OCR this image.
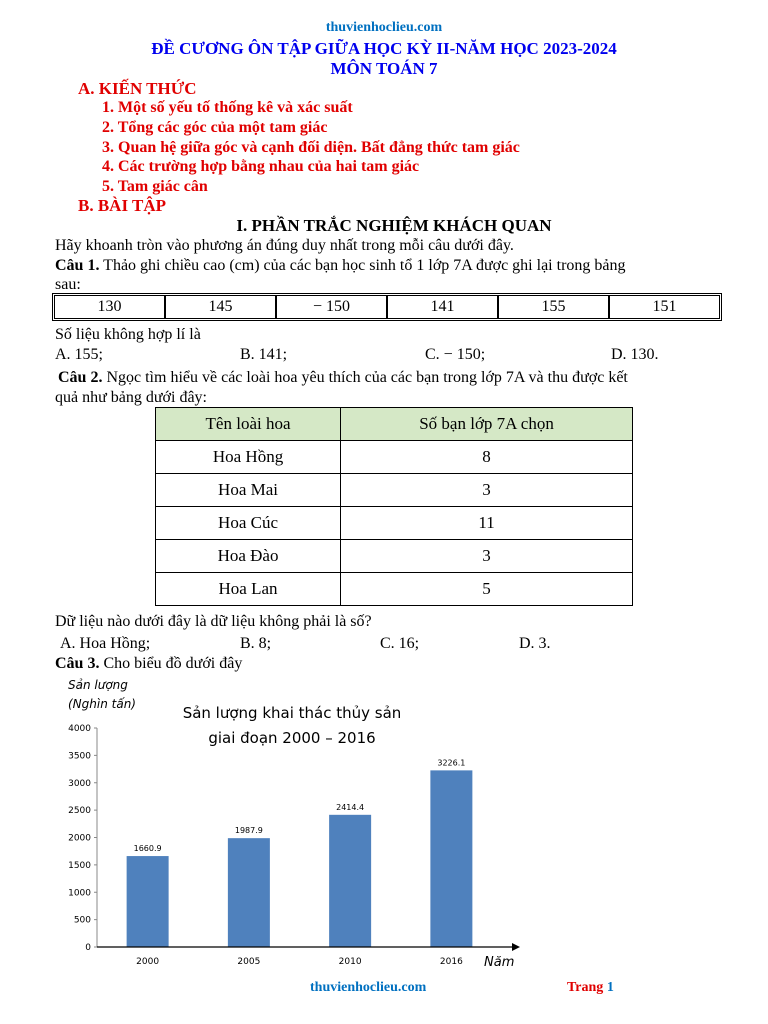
thuvienhoclieu.com
ĐỀ CƯƠNG ÔN TẬP GIỮA HỌC KỲ II-NĂM HỌC 2023-2024
MÔN TOÁN 7
A. KIẾN THỨC
1. Một số yếu tố thống kê và xác suất
2. Tổng các góc của một tam giác
3. Quan hệ giữa góc và cạnh đối diện. Bất đẳng thức tam giác
4. Các trường hợp bằng nhau của hai tam giác
5. Tam giác cân
B. BÀI TẬP
I. PHẦN TRẮC NGHIỆM KHÁCH QUAN
Hãy khoanh tròn vào phương án đúng duy nhất trong mỗi câu dưới đây.
Câu 1. Thảo ghi chiều cao (cm) của các bạn học sinh tổ 1 lớp 7A được ghi lại trong bảng
sau:
130	145	− 150	141	155	151
Số liệu không hợp lí là
A. 155;	B. 141;	C. − 150;	D. 130.
Câu 2. Ngọc tìm hiểu về các loài hoa yêu thích của các bạn trong lớp 7A và thu được kết
quả như bảng dưới đây:
Tên loài hoa	Số bạn lớp 7A chọn
Hoa Hồng	8
Hoa Mai	3
Hoa Cúc	11
Hoa Đào	3
Hoa Lan	5
Dữ liệu nào dưới đây là dữ liệu không phải là số?
A. Hoa Hồng;	B. 8;	C. 16;	D. 3.
Câu 3. Cho biểu đồ dưới đây
Sản lượng
(Nghìn tấn)	Sản lượng khai thác thủy sản
giai đoạn 2000 – 2016
Năm
0
500
1000
1500
2000
2500
3000
3500
4000
1660.9
2000
1987.9
2005
2414.4
2010
3226.1
2016
thuvienhoclieu.com	Trang 1
